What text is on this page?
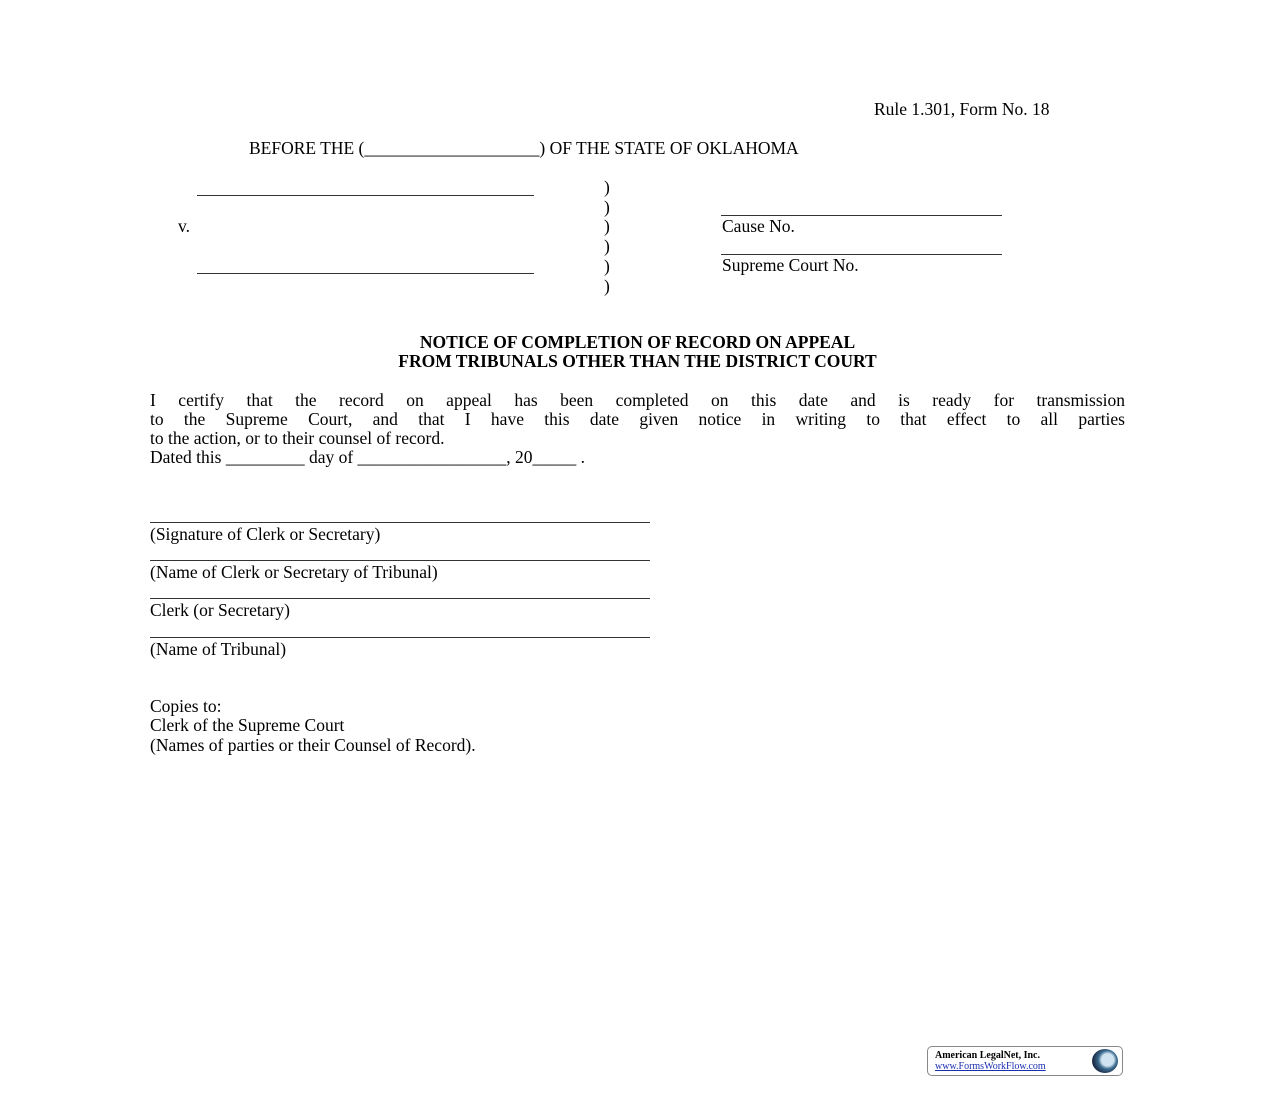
Rule 1.301, Form No. 18
BEFORE THE (____________________) OF THE STATE OF OKLAHOMA
v.
)
)
)
)
)
)
Cause No.
Supreme Court No.
NOTICE OF COMPLETION OF RECORD ON APPEAL
FROM TRIBUNALS OTHER THAN THE DISTRICT COURT
I certify that the record on appeal has been completed on this date and is ready for transmission
to the Supreme Court, and that I have this date given notice in writing to that effect to all parties
to the action, or to their counsel of record.
Dated this _________ day of _________________, 20_____ .
(Signature of Clerk or Secretary)
(Name of Clerk or Secretary of Tribunal)
Clerk (or Secretary)
(Name of Tribunal)
Copies to:
Clerk of the Supreme Court
(Names of parties or their Counsel of Record).
American LegalNet, Inc.
www.FormsWorkFlow.com
